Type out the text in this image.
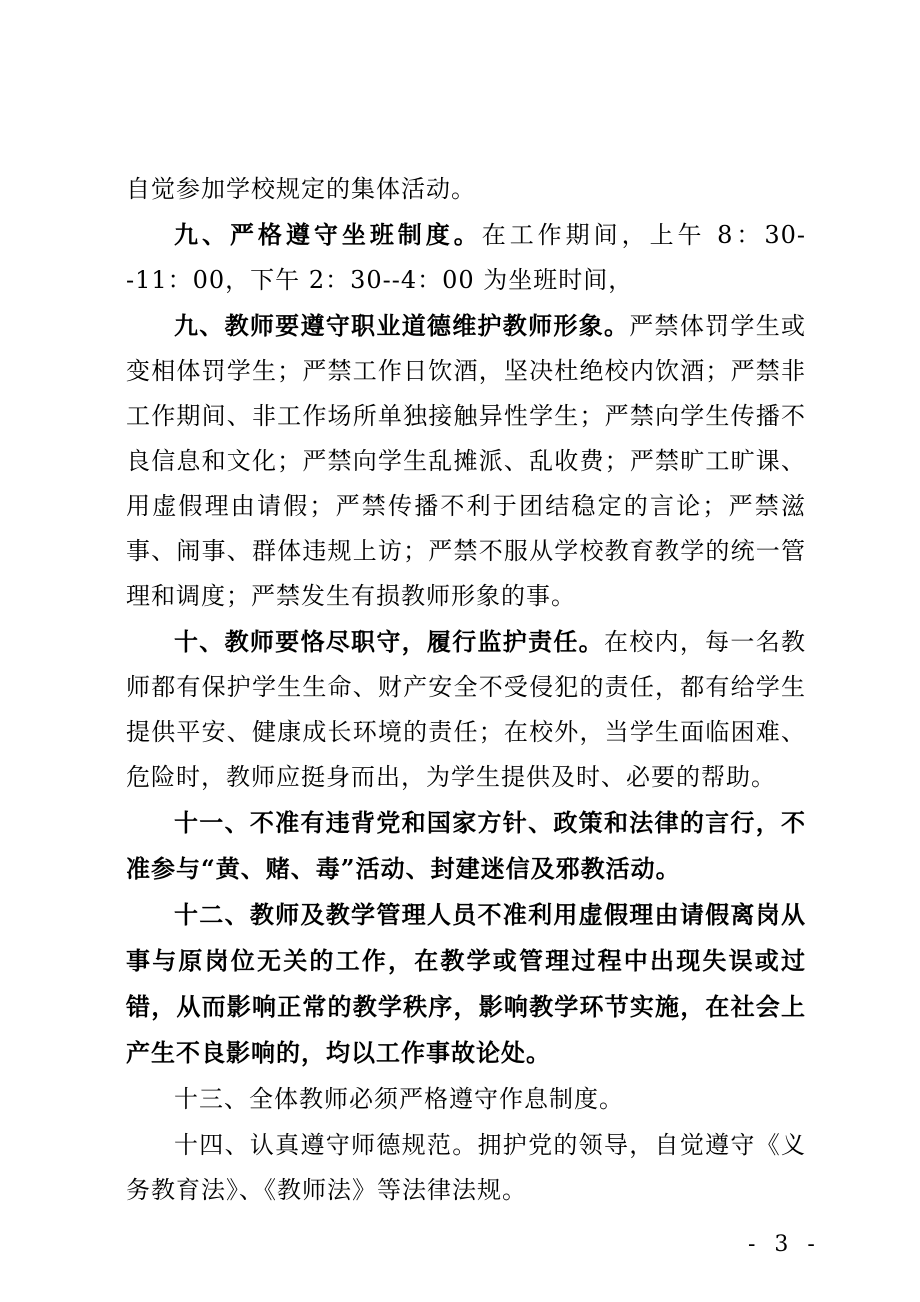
自觉参加学校规定的集体活动。

九、严格遵守坐班制度。在工作期间，上午 8：30--11：00，下午 2：30--4：00 为坐班时间，

九、教师要遵守职业道德维护教师形象。严禁体罚学生或变相体罚学生；严禁工作日饮酒，坚决杜绝校内饮酒；严禁非工作期间、非工作场所单独接触异性学生；严禁向学生传播不良信息和文化；严禁向学生乱摊派、乱收费；严禁旷工旷课、用虚假理由请假；严禁传播不利于团结稳定的言论；严禁滋事、闹事、群体违规上访；严禁不服从学校教育教学的统一管理和调度；严禁发生有损教师形象的事。

十、教师要恪尽职守，履行监护责任。在校内，每一名教师都有保护学生生命、财产安全不受侵犯的责任，都有给学生提供平安、健康成长环境的责任；在校外，当学生面临困难、危险时，教师应挺身而出，为学生提供及时、必要的帮助。

十一、不准有违背党和国家方针、政策和法律的言行，不准参与“黄、赌、毒”活动、封建迷信及邪教活动。

十二、教师及教学管理人员不准利用虚假理由请假离岗从事与原岗位无关的工作，在教学或管理过程中出现失误或过错，从而影响正常的教学秩序，影响教学环节实施，在社会上产生不良影响的，均以工作事故论处。

十三、全体教师必须严格遵守作息制度。

十四、认真遵守师德规范。拥护党的领导，自觉遵守《义务教育法》、《教师法》等法律法规。

- 3 -
